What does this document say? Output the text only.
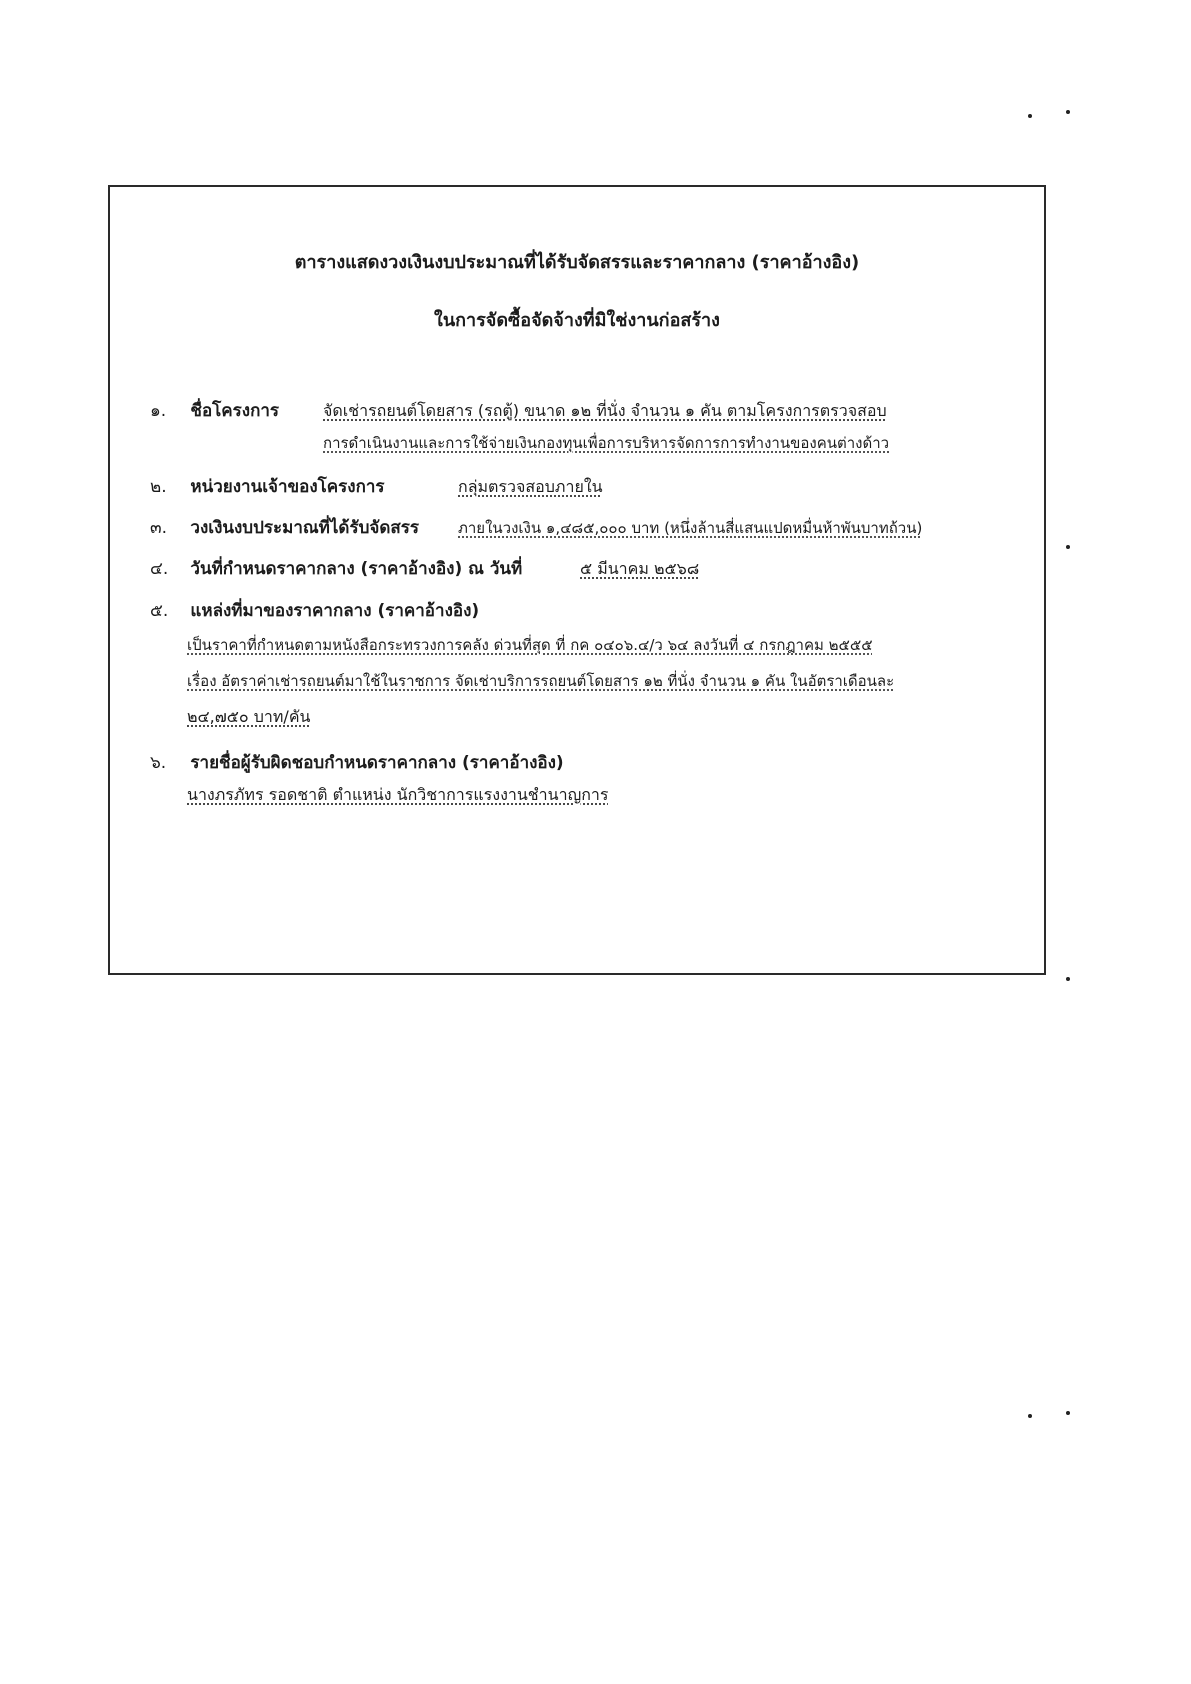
ตารางแสดงวงเงินงบประมาณที่ได้รับจัดสรรและราคากลาง (ราคาอ้างอิง)
ในการจัดซื้อจัดจ้างที่มิใช่งานก่อสร้าง
๑. ชื่อโครงการ	จัดเช่ารถยนต์โดยสาร (รถตู้) ขนาด ๑๒ ที่นั่ง จำนวน ๑ คัน ตามโครงการตรวจสอบ
การดำเนินงานและการใช้จ่ายเงินกองทุนเพื่อการบริหารจัดการการทำงานของคนต่างด้าว
๒. หน่วยงานเจ้าของโครงการ	กลุ่มตรวจสอบภายใน
๓. วงเงินงบประมาณที่ได้รับจัดสรร	ภายในวงเงิน ๑,๔๘๕,๐๐๐ บาท (หนึ่งล้านสี่แสนแปดหมื่นห้าพันบาทถ้วน)
๔. วันที่กำหนดราคากลาง (ราคาอ้างอิง) ณ วันที่	๕ มีนาคม ๒๕๖๘
๕. แหล่งที่มาของราคากลาง (ราคาอ้างอิง)
เป็นราคาที่กำหนดตามหนังสือกระทรวงการคลัง ด่วนที่สุด ที่ กค ๐๔๐๖.๔/ว ๖๔ ลงวันที่ ๔ กรกฎาคม ๒๕๕๕
เรื่อง อัตราค่าเช่ารถยนต์มาใช้ในราชการ จัดเช่าบริการรถยนต์โดยสาร ๑๒ ที่นั่ง จำนวน ๑ คัน ในอัตราเดือนละ
๒๔,๗๕๐ บาท/คัน
๖. รายชื่อผู้รับผิดชอบกำหนดราคากลาง (ราคาอ้างอิง)
นางภรภัทร รอดชาติ ตำแหน่ง นักวิชาการแรงงานชำนาญการ
